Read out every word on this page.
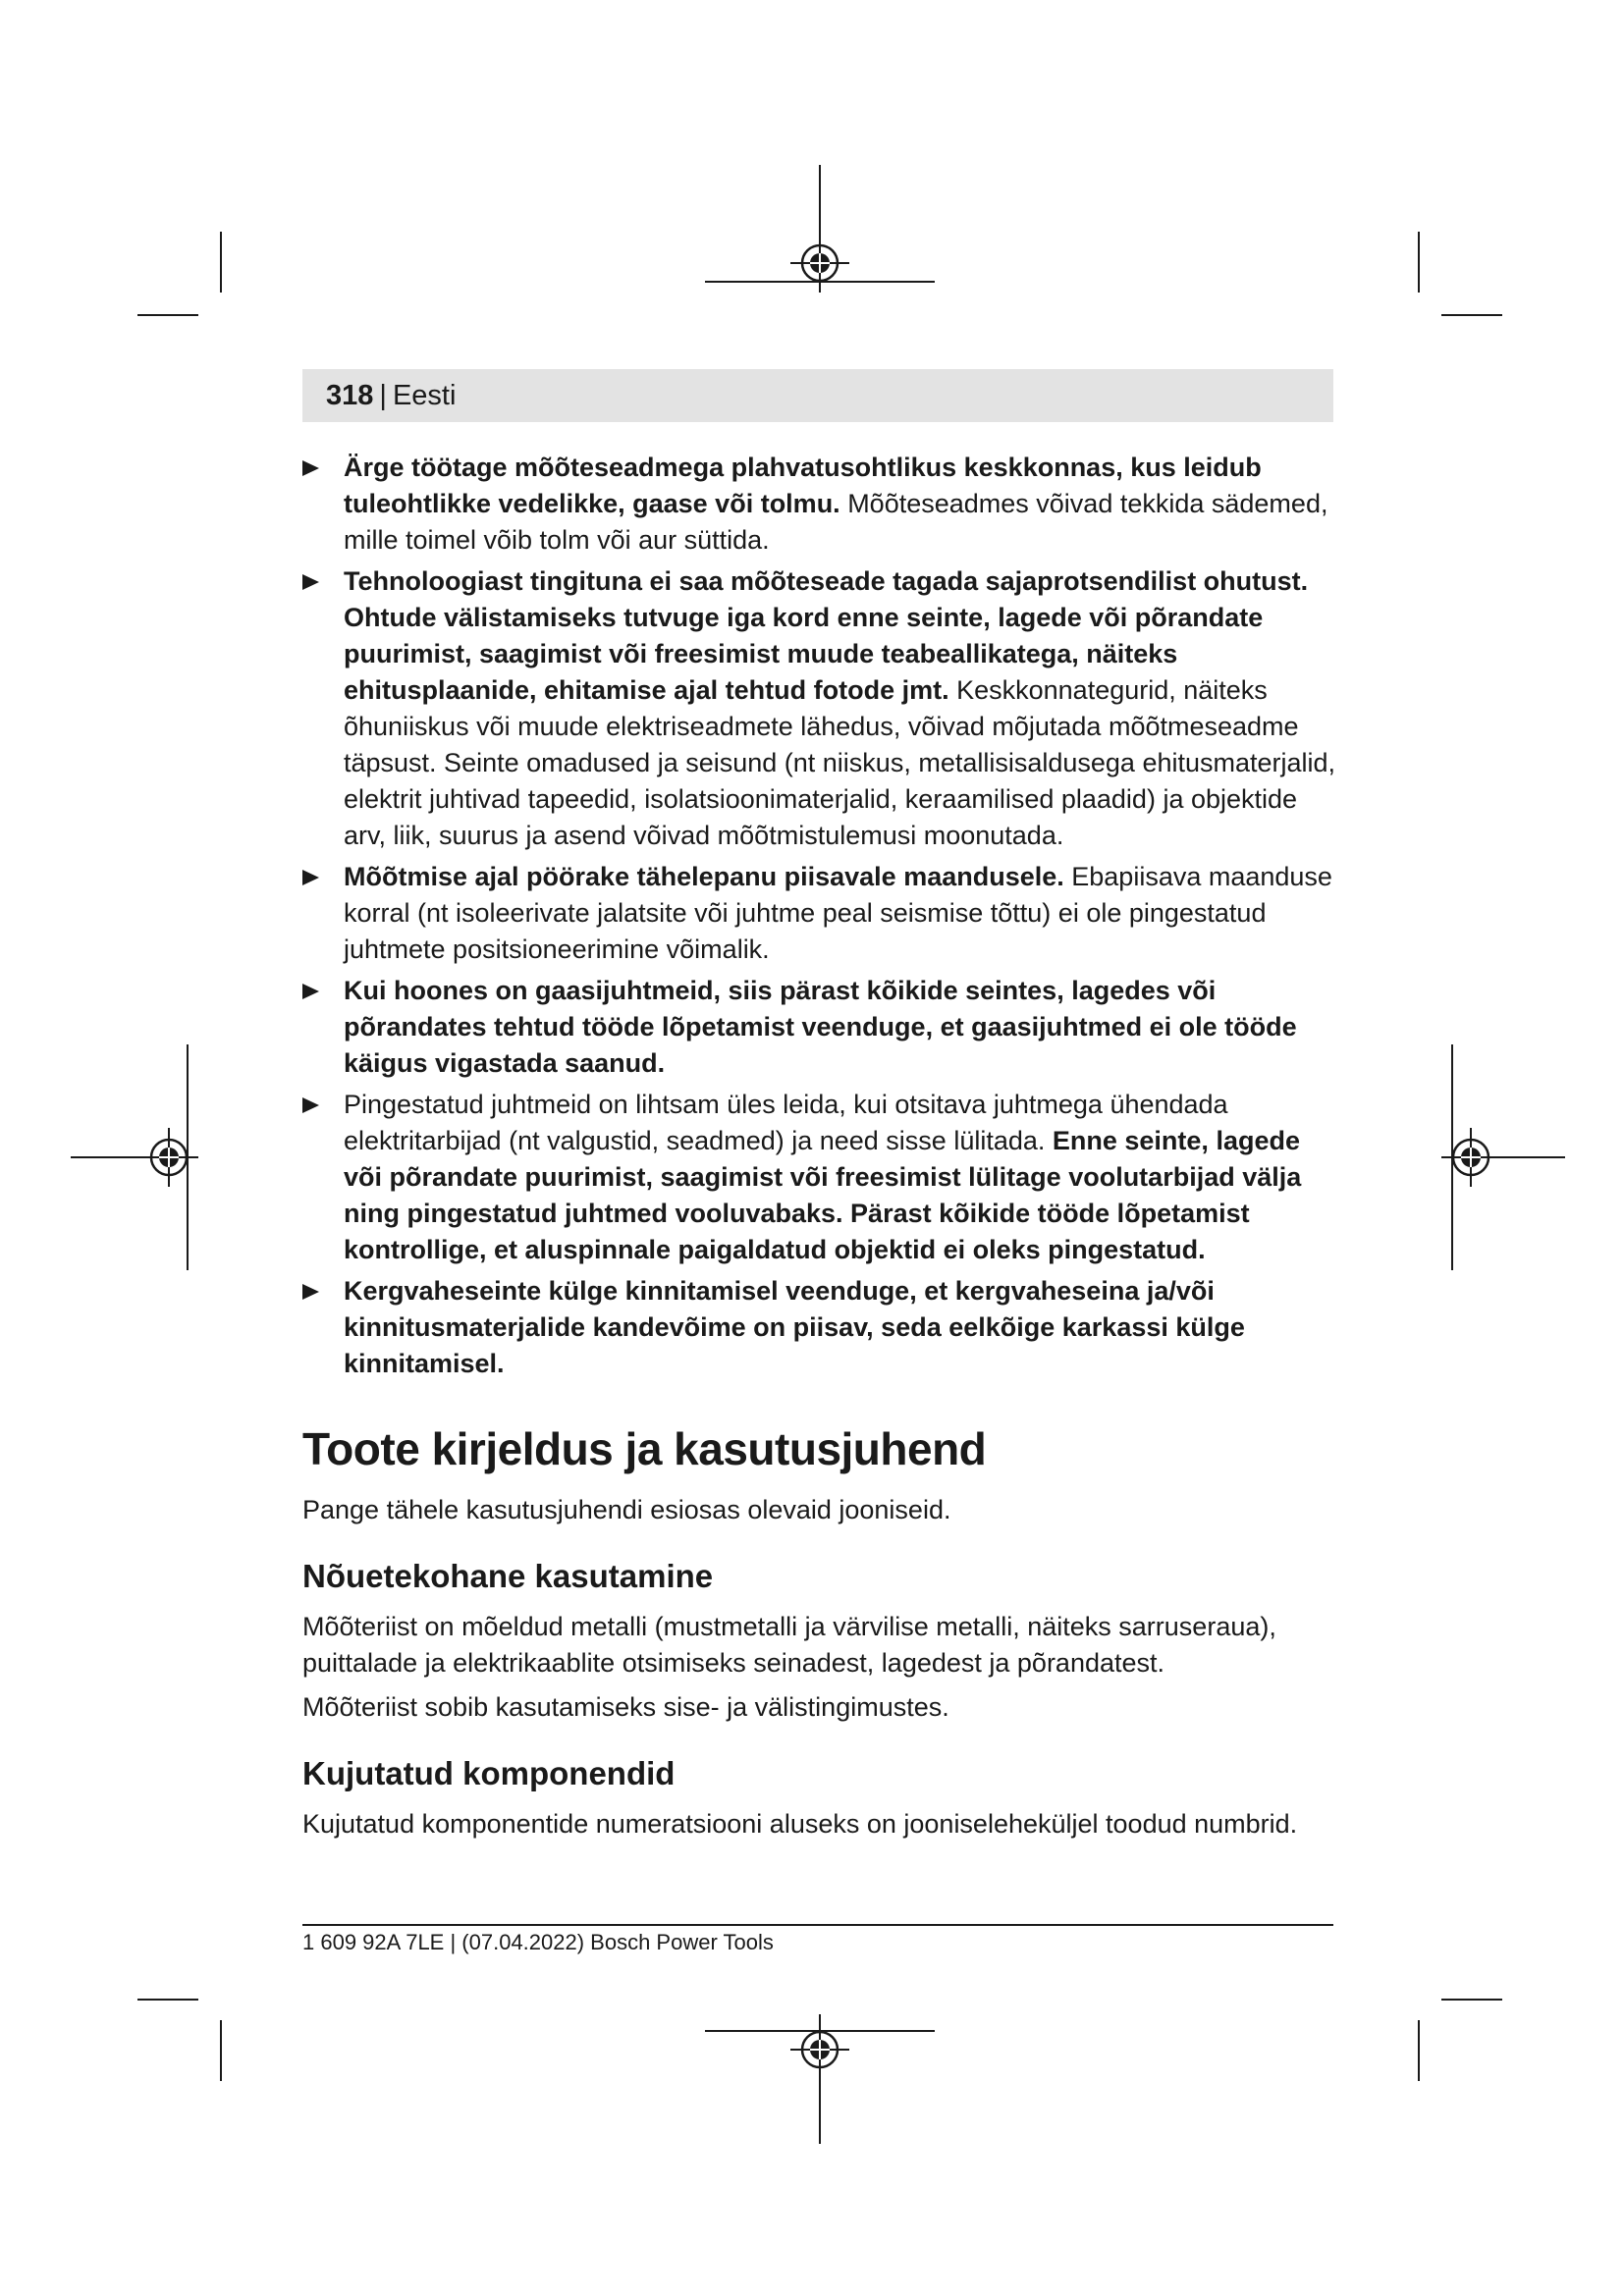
318 | Eesti
Ärge töötage mõõteseadmega plahvatusohtlikus keskkonnas, kus leidub tuleohtlikke vedelikke, gaase või tolmu. Mõõteseadmes võivad tekkida sädemed, mille toimel võib tolm või aur süttida.
Tehnoloogiast tingituna ei saa mõõteseade tagada sajaprotsendilist ohutust. Ohtude välistamiseks tutvuge iga kord enne seinte, lagede või põrandate puurimist, saagimist või freesimist muude teabeallikatega, näiteks ehitusplaanide, ehitamise ajal tehtud fotode jmt. Keskkonnategurid, näiteks õhuniiskus või muude elektriseadmete lähedus, võivad mõjutada mõõtmeseadme täpsust. Seinte omadused ja seisund (nt niiskus, metallisisaldusega ehitusmaterjalid, elektrit juhtivad tapeedid, isolatsioonimaterjalid, keraamilised plaadid) ja objektide arv, liik, suurus ja asend võivad mõõtmistulemusi moonutada.
Mõõtmise ajal pöörake tähelepanu piisavale maandusele. Ebapiisava maanduse korral (nt isoleerivate jalatsite või juhtme peal seismise tõttu) ei ole pingestatud juhtmete positsioneerimine võimalik.
Kui hoones on gaasijuhtmeid, siis pärast kõikide seintes, lagedes või põrandates tehtud tööde lõpetamist veenduge, et gaasijuhtmed ei ole tööde käigus vigastada saanud.
Pingestatud juhtmeid on lihtsam üles leida, kui otsitava juhtmega ühendada elektritarbijad (nt valgustid, seadmed) ja need sisse lülitada. Enne seinte, lagede või põrandate puurimist, saagimist või freesimist lülitage voolutarbijad välja ning pingestatud juhtmed vooluvabaks. Pärast kõikide tööde lõpetamist kontrollige, et aluspinnale paigaldatud objektid ei oleks pingestatud.
Kergvaheseinte külge kinnitamisel veenduge, et kergvaheseina ja/või kinnitusmaterjalide kandevõime on piisav, seda eelkõige karkassi külge kinnitamisel.
Toote kirjeldus ja kasutusjuhend

Pange tähele kasutusjuhendi esiosas olevaid jooniseid.

Nõuetekohane kasutamine

Mõõteriist on mõeldud metalli (mustmetalli ja värvilise metalli, näiteks sarruseraua), puittalade ja elektrikaablite otsimiseks seinadest, lagedest ja põrandatest.

Mõõteriist sobib kasutamiseks sise- ja välistingimustes.

Kujutatud komponendid

Kujutatud komponentide numeratsiooni aluseks on jooniseleheküljel toodud numbrid.

1 609 92A 7LE | (07.04.2022) Bosch Power Tools
